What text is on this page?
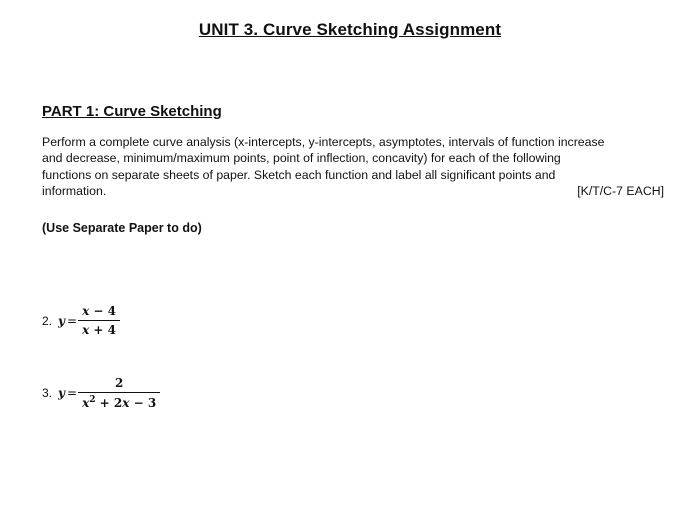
UNIT 3. Curve Sketching Assignment
PART 1: Curve Sketching
Perform a complete curve analysis (x-intercepts, y-intercepts, asymptotes, intervals of function increase
and decrease, minimum/maximum points, point of inflection, concavity) for each of the following
functions on separate sheets of paper. Sketch each function and label all significant points and
information.	[K/T/C-7 EACH]
(Use Separate Paper to do)
2. $y = \frac{x - 4}{x + 4}$
3. $y = \frac{2}{x^2 + 2x - 3}$
